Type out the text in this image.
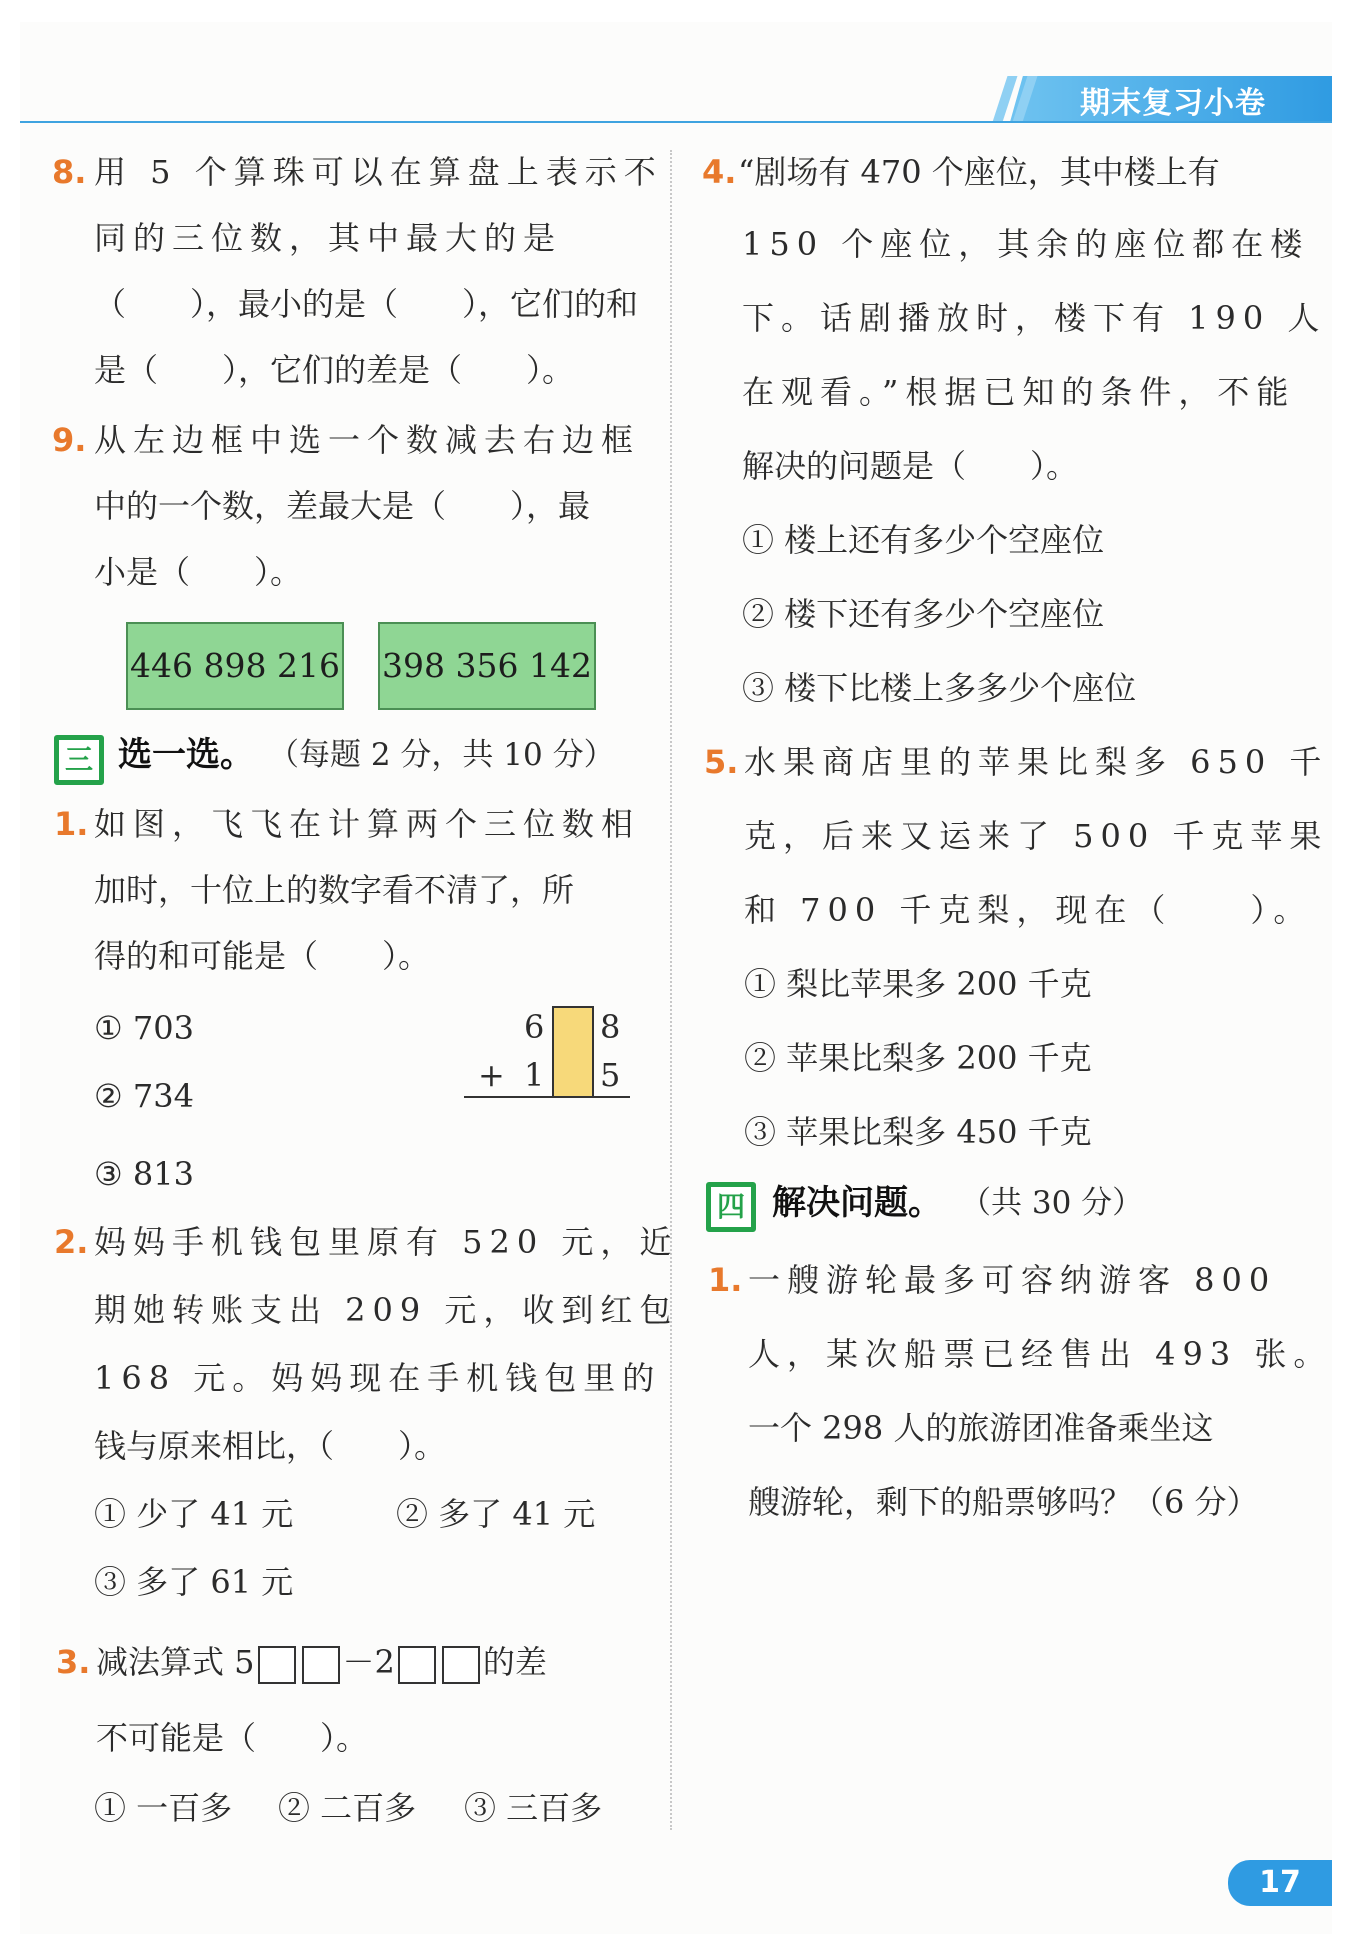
期末复习小卷
8. 用 5 个算珠可以在算盘上表示不
同的三位数，其中最大的是
（　　），最小的是（　　），它们的和
是（　　），它们的差是（　　）。
9. 从左边框中选一个数减去右边框
中的一个数，差最大是（　　），最
小是（　　）。
446 898 216 398 356 142
三 选一选。 （每题 2 分，共 10 分）
1. 如图，飞飞在计算两个三位数相
加时，十位上的数字看不清了，所
得的和可能是（　　）。
① 703
② 734
③ 813
6 8
+ 1 5
2. 妈妈手机钱包里原有 520 元，近
期她转账支出 209 元，收到红包
168 元。妈妈现在手机钱包里的
钱与原来相比，（　　）。
① 少了 41 元	② 多了 41 元
③ 多了 61 元
3. 减法算式 5	－2	的差
不可能是（　　）。
① 一百多 ② 二百多 ③ 三百多
4. “剧场有 470 个座位，其中楼上有
150 个座位，其余的座位都在楼
下。话剧播放时，楼下有 190 人
在观看。”根据已知的条件，不能
解决的问题是（　　）。
① 楼上还有多少个空座位
② 楼下还有多少个空座位
③ 楼下比楼上多多少个座位
5. 水果商店里的苹果比梨多 650 千
克，后来又运来了 500 千克苹果
和 700 千克梨，现在（　　）。
① 梨比苹果多 200 千克
② 苹果比梨多 200 千克
③ 苹果比梨多 450 千克
四 解决问题。 （共 30 分）
1. 一艘游轮最多可容纳游客 800
人，某次船票已经售出 493 张。
一个 298 人的旅游团准备乘坐这
艘游轮，剩下的船票够吗？（6 分）
17
